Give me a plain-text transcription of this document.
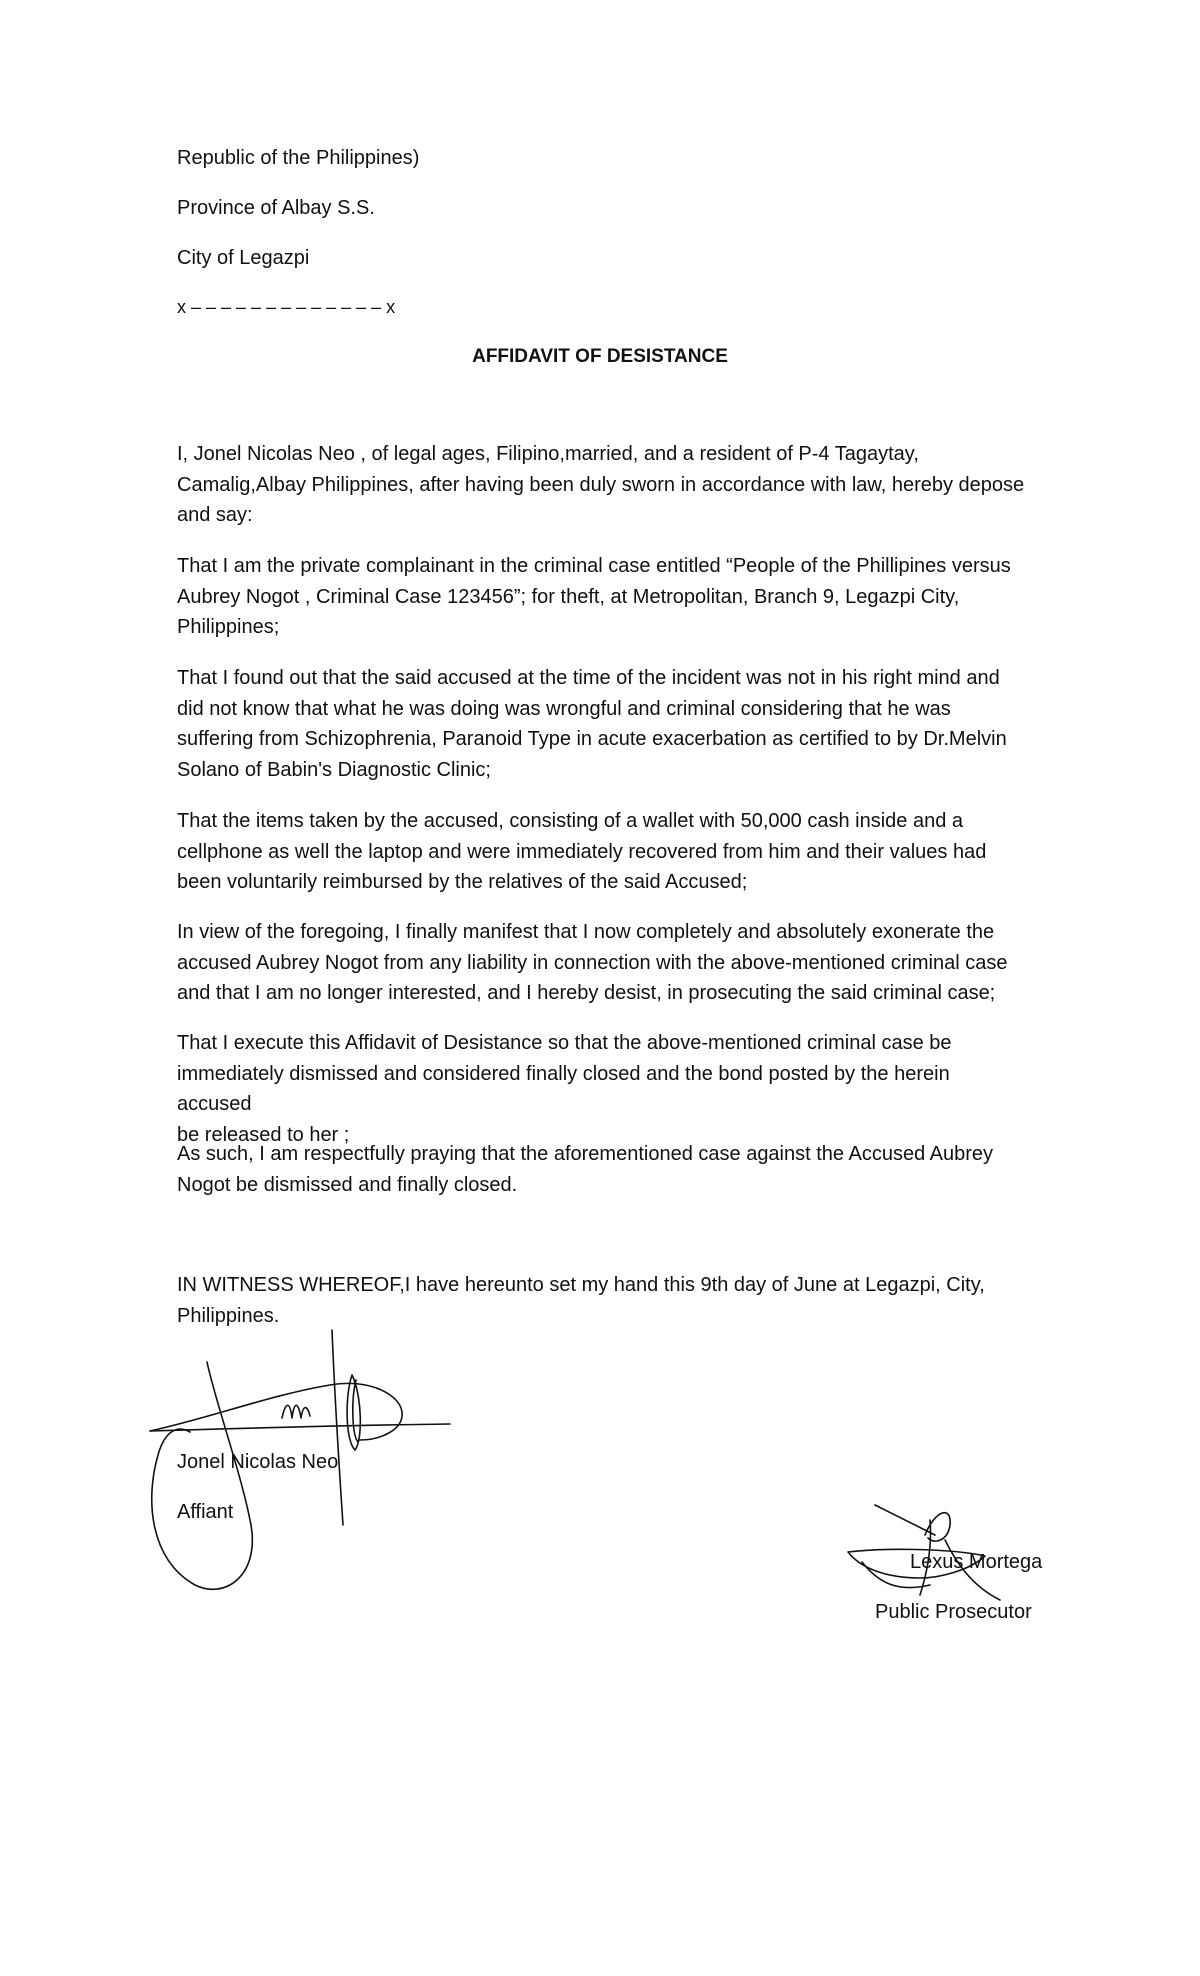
Republic of the Philippines)
Province of Albay S.S.
City of Legazpi
x – – – – – – – – – – – – – x
AFFIDAVIT OF DESISTANCE
I, Jonel Nicolas Neo , of legal ages, Filipino,married, and a resident of P-4 Tagaytay,
Camalig,Albay Philippines, after having been duly sworn in accordance with law, hereby depose
and say:
That I am the private complainant in the criminal case entitled “People of the Phillipines versus
Aubrey Nogot , Criminal Case 123456”; for theft, at Metropolitan, Branch 9, Legazpi City,
Philippines;
That I found out that the said accused at the time of the incident was not in his right mind and
did not know that what he was doing was wrongful and criminal considering that he was
suffering from Schizophrenia, Paranoid Type in acute exacerbation as certified to by Dr.Melvin
Solano of Babin's Diagnostic Clinic;
That the items taken by the accused, consisting of a wallet with 50,000 cash inside and a
cellphone as well the laptop and were immediately recovered from him and their values had
been voluntarily reimbursed by the relatives of the said Accused;
In view of the foregoing, I finally manifest that I now completely and absolutely exonerate the
accused Aubrey Nogot from any liability in connection with the above-mentioned criminal case
and that I am no longer interested, and I hereby desist, in prosecuting the said criminal case;
That I execute this Affidavit of Desistance so that the above-mentioned criminal case be
immediately dismissed and considered finally closed and the bond posted by the herein accused
be released to her ;
As such, I am respectfully praying that the aforementioned case against the Accused Aubrey
Nogot be dismissed and finally closed.
IN WITNESS WHEREOF,I have hereunto set my hand this 9th day of June at Legazpi, City,
Philippines.
Jonel Nicolas Neo
Affiant
Lexus Mortega
Public Prosecutor
